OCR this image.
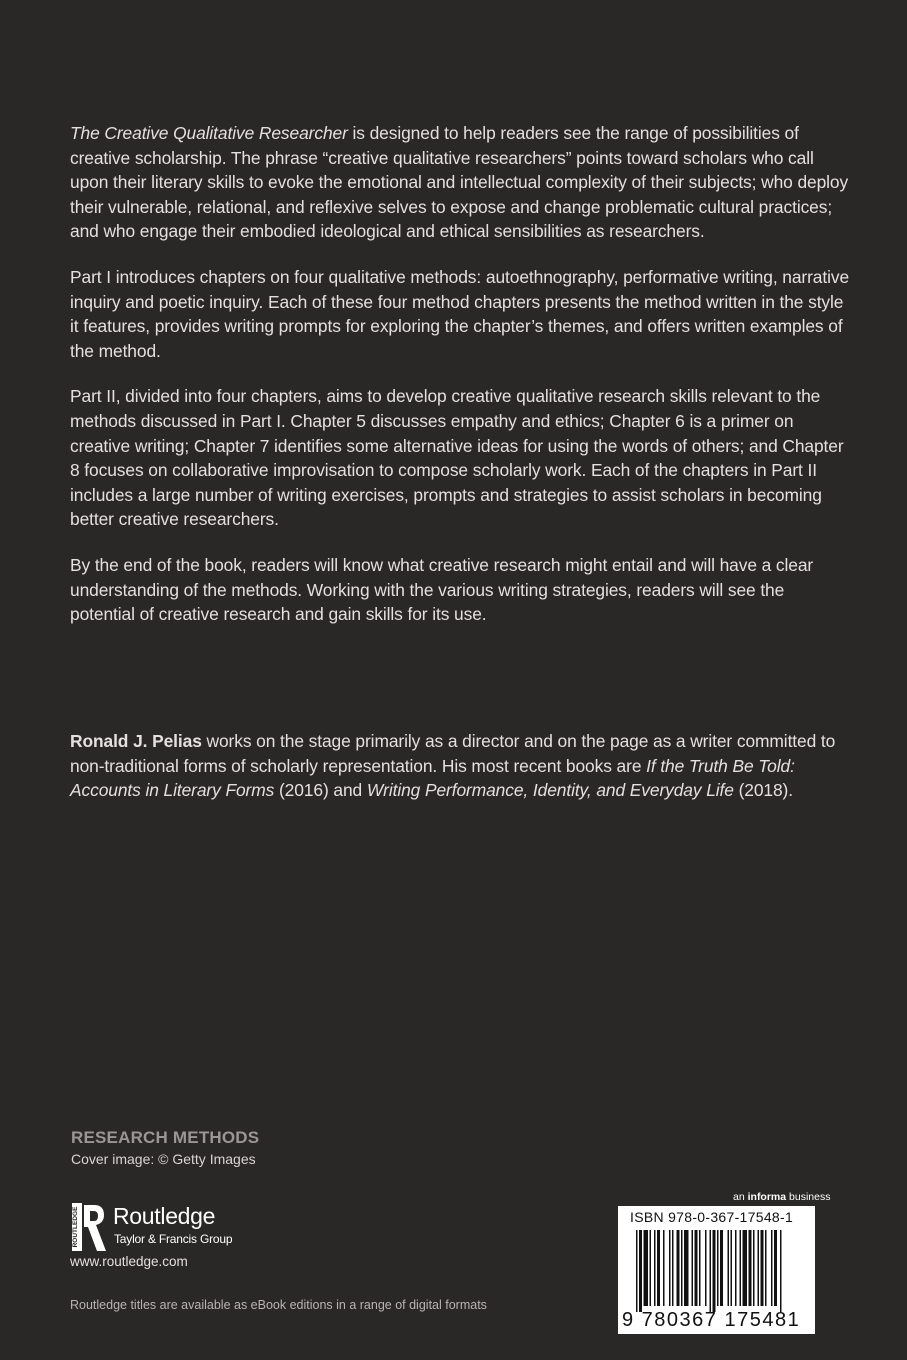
The Creative Qualitative Researcher is designed to help readers see the range of possibilities of creative scholarship. The phrase “creative qualitative researchers” points toward scholars who call upon their literary skills to evoke the emotional and intellectual complexity of their subjects; who deploy their vulnerable, relational, and reflexive selves to expose and change problematic cultural practices; and who engage their embodied ideological and ethical sensibilities as researchers.

Part I introduces chapters on four qualitative methods: autoethnography, performative writing, narrative inquiry and poetic inquiry. Each of these four method chapters presents the method written in the style it features, provides writing prompts for exploring the chapter’s themes, and offers written examples of the method.

Part II, divided into four chapters, aims to develop creative qualitative research skills relevant to the methods discussed in Part I. Chapter 5 discusses empathy and ethics; Chapter 6 is a primer on creative writing; Chapter 7 identifies some alternative ideas for using the words of others; and Chapter 8 focuses on collaborative improvisation to compose scholarly work. Each of the chapters in Part II includes a large number of writing exercises, prompts and strategies to assist scholars in becoming better creative researchers.

By the end of the book, readers will know what creative research might entail and will have a clear understanding of the methods. Working with the various writing strategies, readers will see the potential of creative research and gain skills for its use.

Ronald J. Pelias works on the stage primarily as a director and on the page as a writer committed to non-traditional forms of scholarly representation. His most recent books are If the Truth Be Told: Accounts in Literary Forms (2016) and Writing Performance, Identity, and Everyday Life (2018).

RESEARCH METHODS
Cover image: © Getty Images
ROUTLEDGE Routledge
Taylor & Francis Group
www.routledge.com
Routledge titles are available as eBook editions in a range of digital formats
an informa business
ISBN 978-0-367-17548-1
9 780367 175481
